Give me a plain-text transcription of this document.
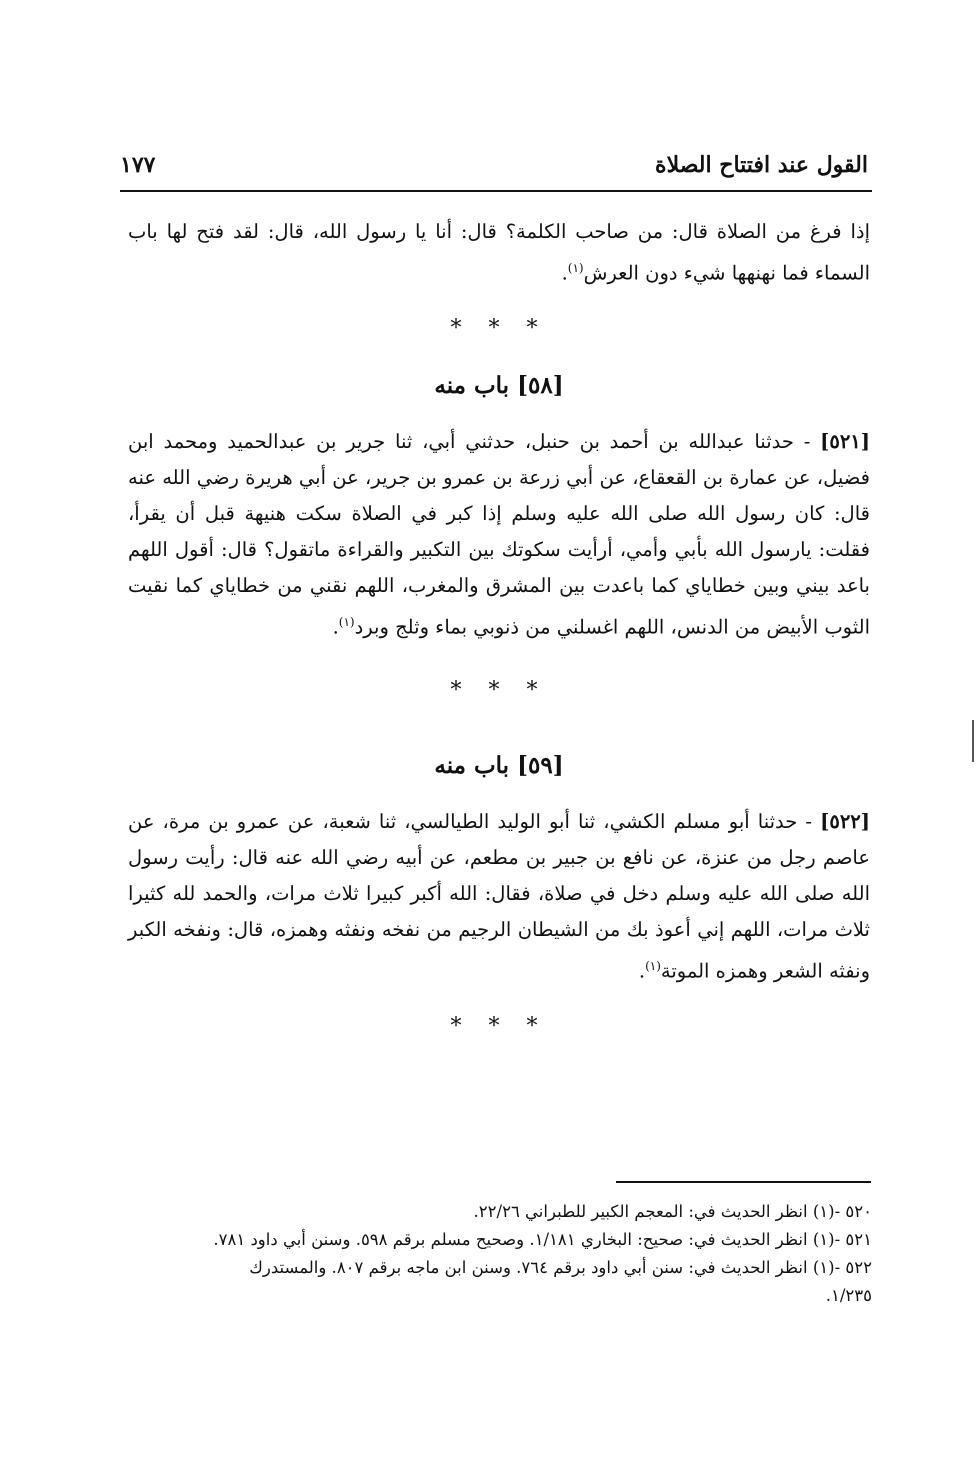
القول عند افتتاح الصلاة
١٧٧

إذا فرغ من الصلاة قال: من صاحب الكلمة؟ قال: أنا يا رسول الله، قال: لقد فتح لها باب السماء فما نهنهها شيء دون العرش$^{(١)}$.

* * *
[٥٨] باب منه

[٥٢١] - حدثنا عبدالله بن أحمد بن حنبل، حدثني أبي، ثنا جرير بن عبدالحميد ومحمد ابن فضيل، عن عمارة بن القعقاع، عن أبي زرعة بن عمرو بن جرير، عن أبي هريرة رضي الله عنه قال: كان رسول الله صلى الله عليه وسلم إذا كبر في الصلاة سكت هنيهة قبل أن يقرأ، فقلت: يارسول الله بأبي وأمي، أرأيت سكوتك بين التكبير والقراءة ماتقول؟ قال: أقول اللهم باعد بيني وبين خطاياي كما باعدت بين المشرق والمغرب، اللهم نقني من خطاياي كما نقيت الثوب الأبيض من الدنس، اللهم اغسلني من ذنوبي بماء وثلج وبرد$^{(١)}$.

* * *
[٥٩] باب منه

[٥٢٢] - حدثنا أبو مسلم الكشي، ثنا أبو الوليد الطيالسي، ثنا شعبة، عن عمرو بن مرة، عن عاصم رجل من عنزة، عن نافع بن جبير بن مطعم، عن أبيه رضي الله عنه قال: رأيت رسول الله صلى الله عليه وسلم دخل في صلاة، فقال: الله أكبر كبيرا ثلاث مرات، والحمد لله كثيرا ثلاث مرات، اللهم إني أعوذ بك من الشيطان الرجيم من نفخه ونفثه وهمزه، قال: ونفخه الكبر ونفثه الشعر وهمزه الموتة$^{(١)}$.

* * *
٥٢٠ -(١) انظر الحديث في: المعجم الكبير للطبراني ٢٢/٢٦.
٥٢١ -(١) انظر الحديث في: صحيح: البخاري ١/١٨١. وصحيح مسلم برقم ٥٩٨. وسنن أبي داود ٧٨١.
٥٢٢ -(١) انظر الحديث في: سنن أبي داود برقم ٧٦٤. وسنن ابن ماجه برقم ٨٠٧. والمستدرك
١/٢٣٥.
